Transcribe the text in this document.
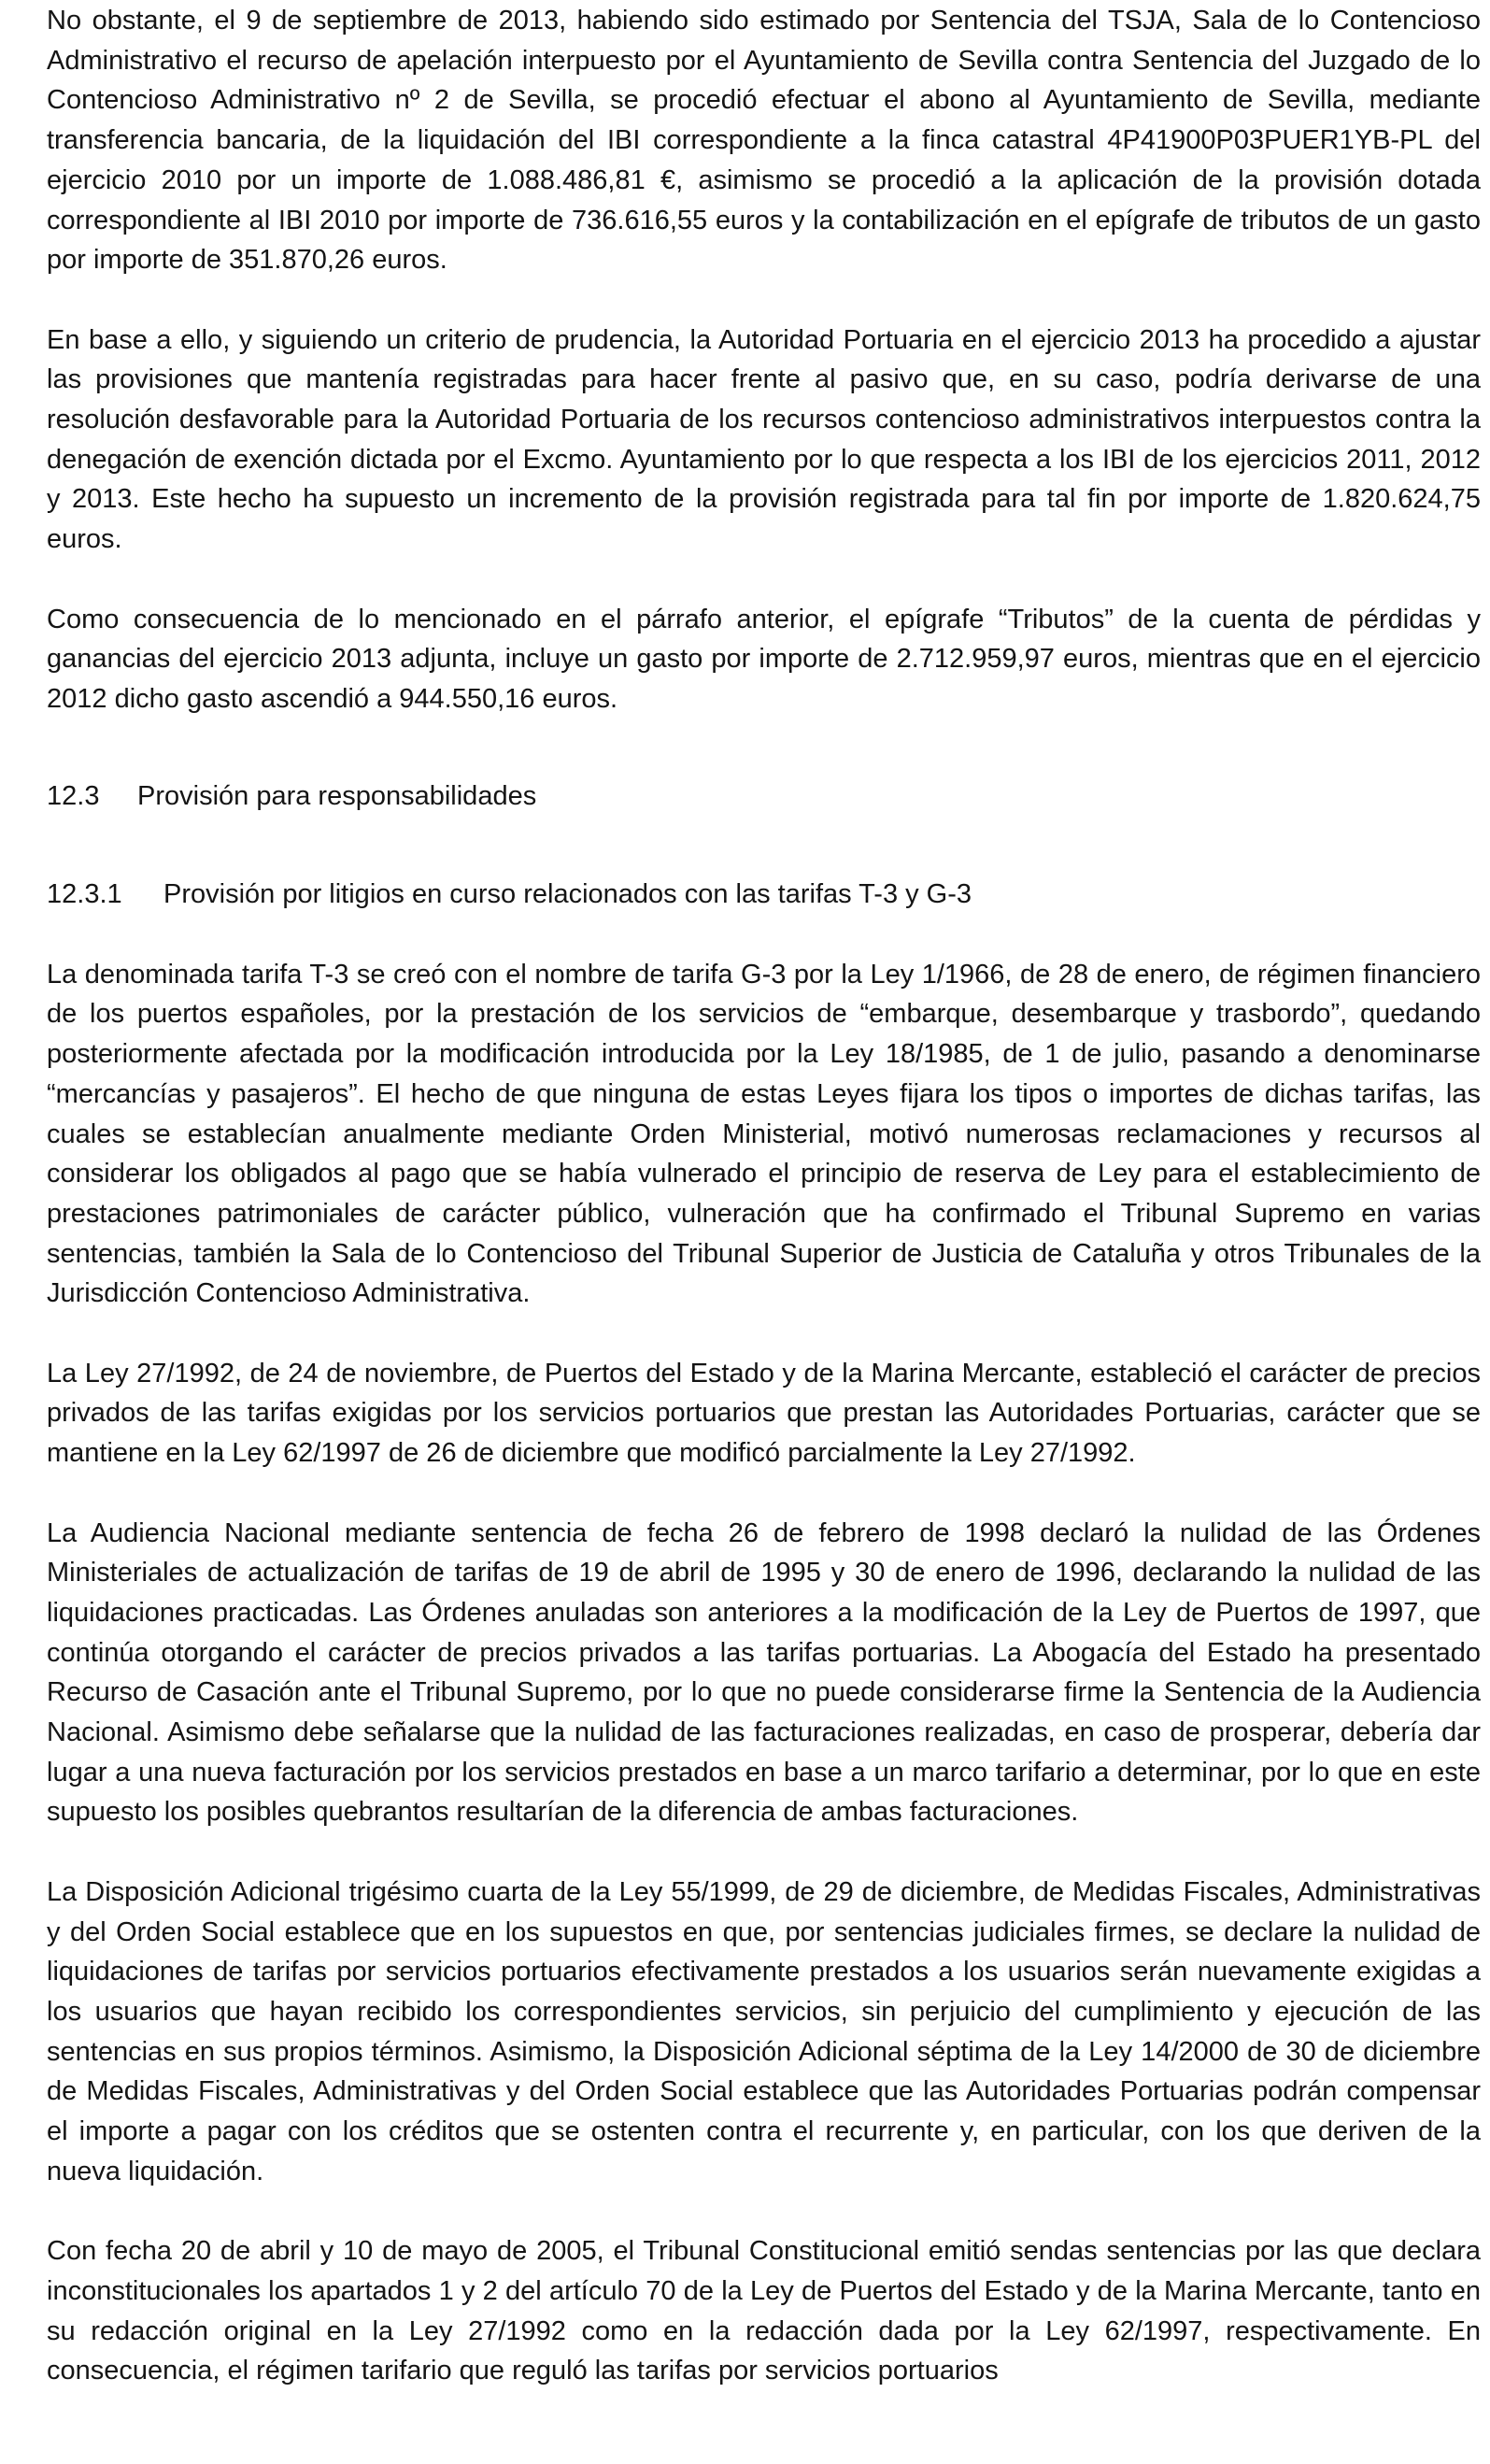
No obstante, el 9 de septiembre de 2013, habiendo sido estimado por Sentencia del TSJA, Sala de lo Contencioso Administrativo el recurso de apelación interpuesto por el Ayuntamiento de Sevilla contra Sentencia del Juzgado de lo Contencioso Administrativo nº 2 de Sevilla, se procedió efectuar el abono al Ayuntamiento de Sevilla, mediante transferencia bancaria, de la liquidación del IBI correspondiente a la finca catastral 4P41900P03PUER1YB-PL del ejercicio 2010 por un importe de 1.088.486,81 €, asimismo se procedió a la aplicación de la provisión dotada correspondiente al IBI 2010 por importe de 736.616,55 euros y la contabilización en el epígrafe de tributos de un gasto por importe de 351.870,26 euros.

En base a ello, y siguiendo un criterio de prudencia, la Autoridad Portuaria en el ejercicio 2013 ha procedido a ajustar las provisiones que mantenía registradas para hacer frente al pasivo que, en su caso, podría derivarse de una resolución desfavorable para la Autoridad Portuaria de los recursos contencioso administrativos interpuestos contra la denegación de exención dictada por el Excmo. Ayuntamiento por lo que respecta a los IBI de los ejercicios 2011, 2012 y 2013. Este hecho ha supuesto un incremento de la provisión registrada para tal fin por importe de 1.820.624,75 euros.

Como consecuencia de lo mencionado en el párrafo anterior, el epígrafe “Tributos” de la cuenta de pérdidas y ganancias del ejercicio 2013 adjunta, incluye un gasto por importe de 2.712.959,97 euros, mientras que en el ejercicio 2012 dicho gasto ascendió a 944.550,16 euros.

12.3 Provisión para responsabilidades
12.3.1 Provisión por litigios en curso relacionados con las tarifas T-3 y G-3

La denominada tarifa T-3 se creó con el nombre de tarifa G-3 por la Ley 1/1966, de 28 de enero, de régimen financiero de los puertos españoles, por la prestación de los servicios de “embarque, desembarque y trasbordo”, quedando posteriormente afectada por la modificación introducida por la Ley 18/1985, de 1 de julio, pasando a denominarse “mercancías y pasajeros”. El hecho de que ninguna de estas Leyes fijara los tipos o importes de dichas tarifas, las cuales se establecían anualmente mediante Orden Ministerial, motivó numerosas reclamaciones y recursos al considerar los obligados al pago que se había vulnerado el principio de reserva de Ley para el establecimiento de prestaciones patrimoniales de carácter público, vulneración que ha confirmado el Tribunal Supremo en varias sentencias, también la Sala de lo Contencioso del Tribunal Superior de Justicia de Cataluña y otros Tribunales de la Jurisdicción Contencioso Administrativa.

La Ley 27/1992, de 24 de noviembre, de Puertos del Estado y de la Marina Mercante, estableció el carácter de precios privados de las tarifas exigidas por los servicios portuarios que prestan las Autoridades Portuarias, carácter que se mantiene en la Ley 62/1997 de 26 de diciembre que modificó parcialmente la Ley 27/1992.

La Audiencia Nacional mediante sentencia de fecha 26 de febrero de 1998 declaró la nulidad de las Órdenes Ministeriales de actualización de tarifas de 19 de abril de 1995 y 30 de enero de 1996, declarando la nulidad de las liquidaciones practicadas. Las Órdenes anuladas son anteriores a la modificación de la Ley de Puertos de 1997, que continúa otorgando el carácter de precios privados a las tarifas portuarias. La Abogacía del Estado ha presentado Recurso de Casación ante el Tribunal Supremo, por lo que no puede considerarse firme la Sentencia de la Audiencia Nacional. Asimismo debe señalarse que la nulidad de las facturaciones realizadas, en caso de prosperar, debería dar lugar a una nueva facturación por los servicios prestados en base a un marco tarifario a determinar, por lo que en este supuesto los posibles quebrantos resultarían de la diferencia de ambas facturaciones.

La Disposición Adicional trigésimo cuarta de la Ley 55/1999, de 29 de diciembre, de Medidas Fiscales, Administrativas y del Orden Social establece que en los supuestos en que, por sentencias judiciales firmes, se declare la nulidad de liquidaciones de tarifas por servicios portuarios efectivamente prestados a los usuarios serán nuevamente exigidas a los usuarios que hayan recibido los correspondientes servicios, sin perjuicio del cumplimiento y ejecución de las sentencias en sus propios términos. Asimismo, la Disposición Adicional séptima de la Ley 14/2000 de 30 de diciembre de Medidas Fiscales, Administrativas y del Orden Social establece que las Autoridades Portuarias podrán compensar el importe a pagar con los créditos que se ostenten contra el recurrente y, en particular, con los que deriven de la nueva liquidación.

Con fecha 20 de abril y 10 de mayo de 2005, el Tribunal Constitucional emitió sendas sentencias por las que declara inconstitucionales los apartados 1 y 2 del artículo 70 de la Ley de Puertos del Estado y de la Marina Mercante, tanto en su redacción original en la Ley 27/1992 como en la redacción dada por la Ley 62/1997, respectivamente. En consecuencia, el régimen tarifario que reguló las tarifas por servicios portuarios
